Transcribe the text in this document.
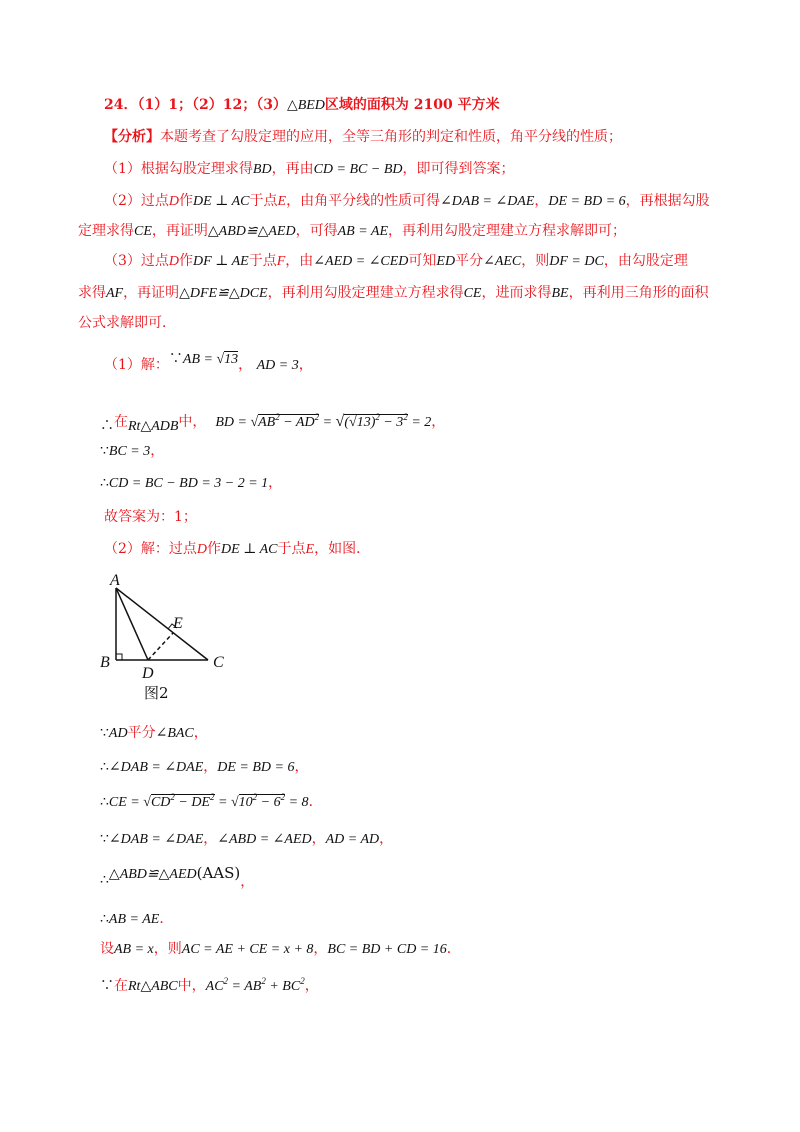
24．（1）1；（2）12；（3）△BED区域的面积为 2100 平方米
【分析】本题考查了勾股定理的应用，全等三角形的判定和性质，角平分线的性质；
（1）根据勾股定理求得BD，再由CD = BC − BD，即可得到答案；
（2）过点D作DE ⊥ AC于点E，由角平分线的性质可得∠DAB = ∠DAE，DE = BD = 6，再根据勾股
定理求得CE，再证明△ABD≌△AED，可得AB = AE，再利用勾股定理建立方程求解即可；
（3）过点D作DF ⊥ AE于点F，由∠AED = ∠CED可知ED平分∠AEC，则DF = DC，由勾股定理
求得AF，再证明△DFE≌△DCE，再利用勾股定理建立方程求得CE，进而求得BE，再利用三角形的面积
公式求解即可．
（1）解：∵AB = √13， AD = 3，
∴在Rt△ADB中， BD = $√AB^2 - AD^2 = √(√13)^2 - 3^2 = 2$，
∵BC = 3，
∴CD = BC − BD = 3 − 2 = 1，
故答案为：1；
（2）解：过点D作DE ⊥ AC于点E，如图．
A
B	C
D
E
图2
∵AD平分∠BAC，
∴∠DAB = ∠DAE，DE = BD = 6，
∴CE = $√CD^2 - DE^2 = √10^2 - 6^2 = 8$．
∵∠DAB = ∠DAE，∠ABD = ∠AED，AD = AD，
∴△ABD≌△AED(AAS)，
∴AB = AE．
设AB = x，则AC = AE + CE = x + 8，BC = BD + CD = 16．
∵在Rt△ABC中，$AC^2 = AB^2 + BC^2$，
